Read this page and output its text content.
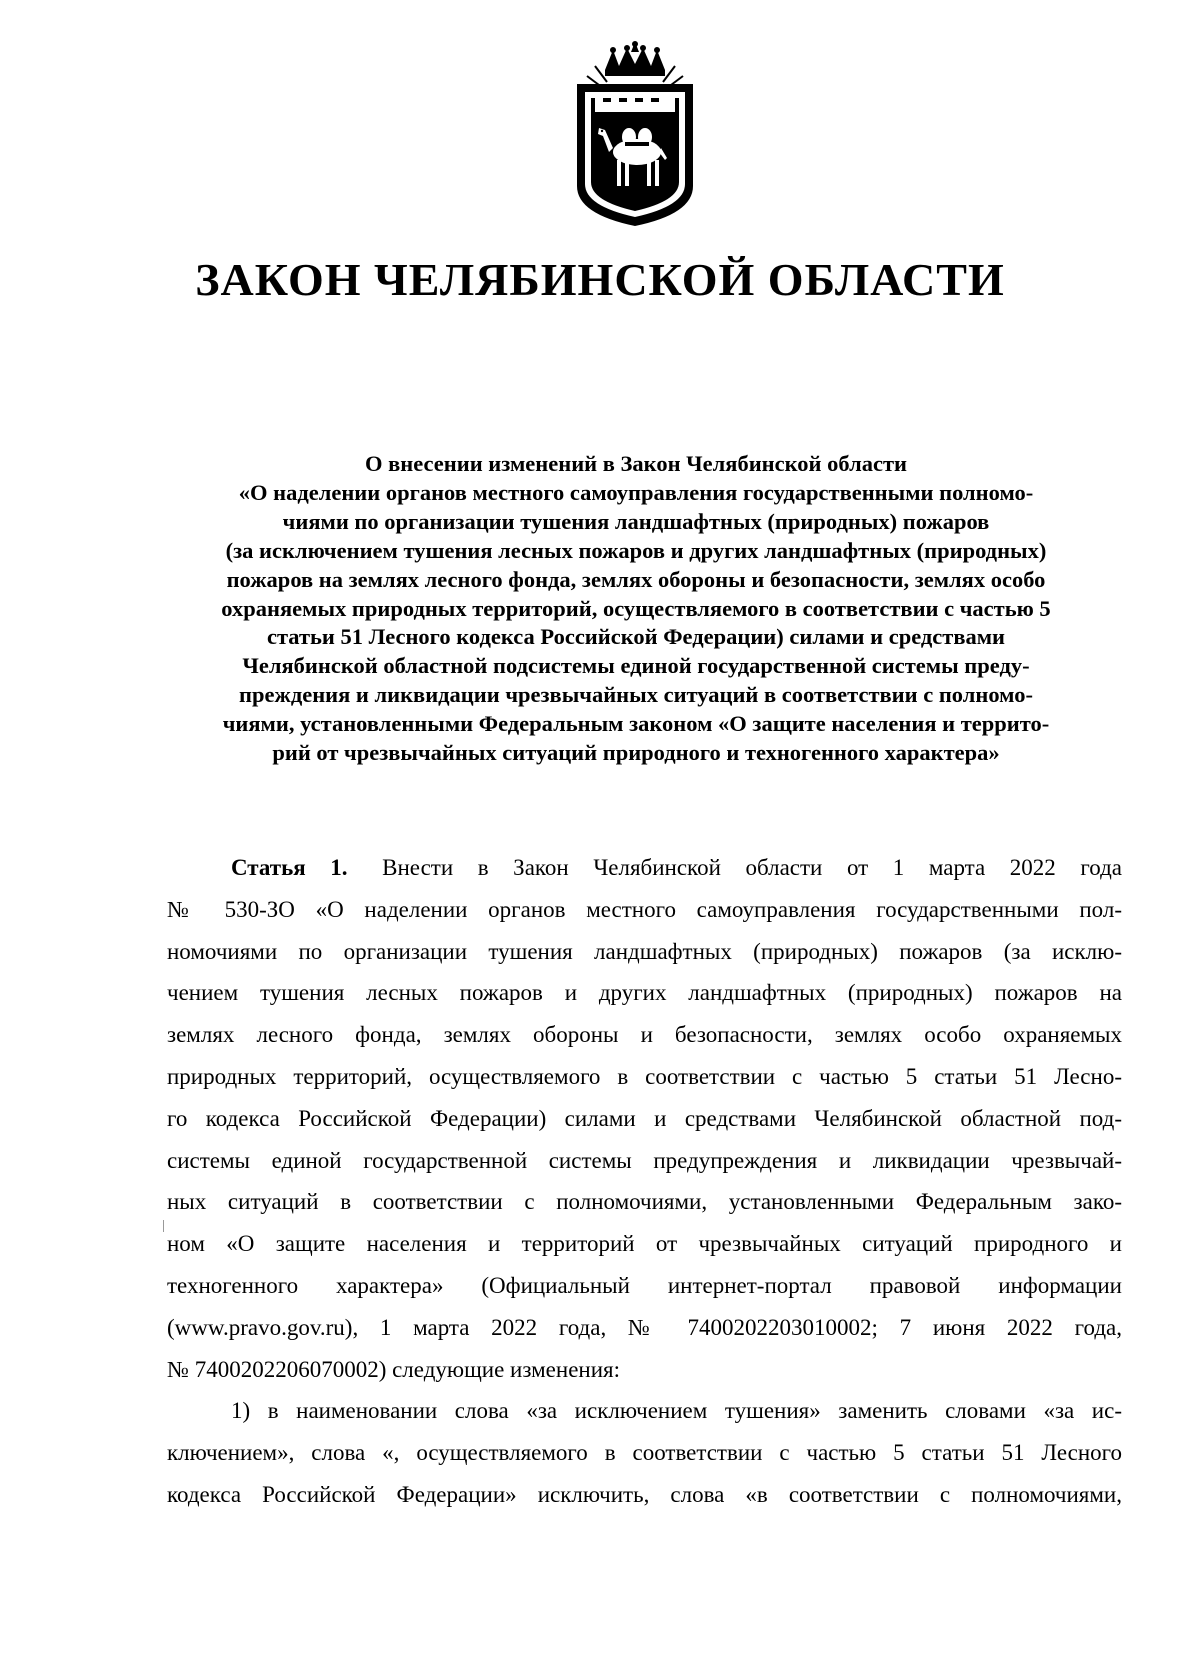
ЗАКОН ЧЕЛЯБИНСКОЙ ОБЛАСТИ
О внесении изменений в Закон Челябинской области
«О наделении органов местного самоуправления государственными полномо-
чиями по организации тушения ландшафтных (природных) пожаров
(за исключением тушения лесных пожаров и других ландшафтных (природных)
пожаров на землях лесного фонда, землях обороны и безопасности, землях особо
охраняемых природных территорий, осуществляемого в соответствии с частью 5
статьи 51 Лесного кодекса Российской Федерации) силами и средствами
Челябинской областной подсистемы единой государственной системы преду-
преждения и ликвидации чрезвычайных ситуаций в соответствии с полномо-
чиями, установленными Федеральным законом «О защите населения и террито-
рий от чрезвычайных ситуаций природного и техногенного характера»
Статья 1. Внести в Закон Челябинской области от 1 марта 2022 года
№ 530-ЗО «О наделении органов местного самоуправления государственными пол-
номочиями по организации тушения ландшафтных (природных) пожаров (за исклю-
чением тушения лесных пожаров и других ландшафтных (природных) пожаров на
землях лесного фонда, землях обороны и безопасности, землях особо охраняемых
природных территорий, осуществляемого в соответствии с частью 5 статьи 51 Лесно-
го кодекса Российской Федерации) силами и средствами Челябинской областной под-
системы единой государственной системы предупреждения и ликвидации чрезвычай-
ных ситуаций в соответствии с полномочиями, установленными Федеральным зако-
ном «О защите населения и территорий от чрезвычайных ситуаций природного и
техногенного характера» (Официальный интернет-портал правовой информации
(www.pravo.gov.ru), 1 марта 2022 года, № 7400202203010002; 7 июня 2022 года,
№ 7400202206070002) следующие изменения:
1) в наименовании слова «за исключением тушения» заменить словами «за ис-
ключением», слова «, осуществляемого в соответствии с частью 5 статьи 51 Лесного
кодекса Российской Федерации» исключить, слова «в соответствии с полномочиями,
